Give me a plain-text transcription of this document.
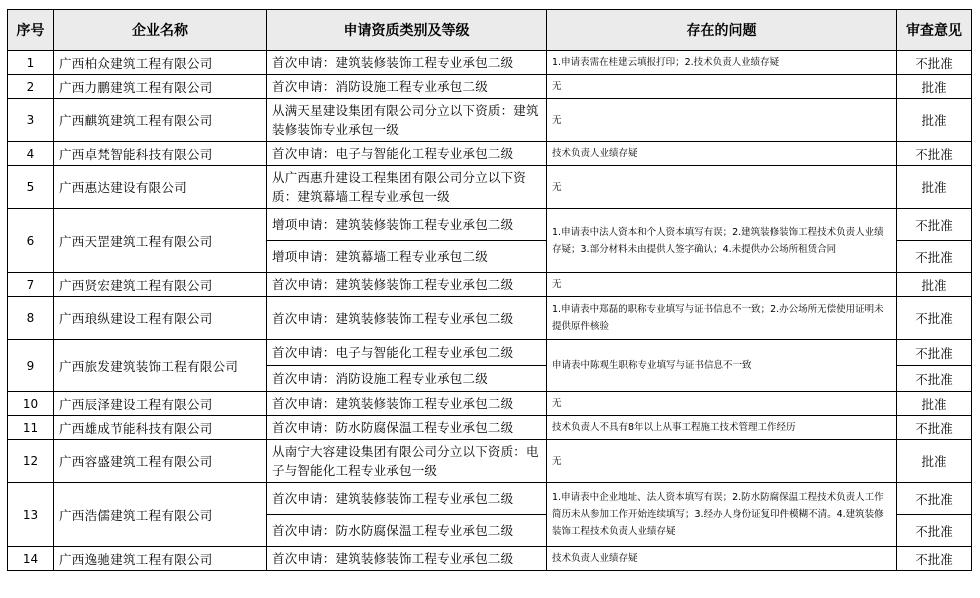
序号	企业名称	申请资质类别及等级	存在的问题	审查意见
1	广西柏众建筑工程有限公司	首次申请：建筑装修装饰工程专业承包二级	1.申请表需在桂建云填报打印；2.技术负责人业绩存疑	不批准
2	广西力鹏建筑工程有限公司	首次申请：消防设施工程专业承包二级	无	批准
3	广西麒筑建筑工程有限公司	从满天星建设集团有限公司分立以下资质：建筑装修装饰专业承包一级	无	批准
4	广西卓梵智能科技有限公司	首次申请：电子与智能化工程专业承包二级	技术负责人业绩存疑	不批准
5	广西惠达建设有限公司	从广西惠升建设工程集团有限公司分立以下资质：建筑幕墙工程专业承包一级	无	批准
6	广西天罡建筑工程有限公司	增项申请：建筑装修装饰工程专业承包二级	1.申请表中法人资本和个人资本填写有误；2.建筑装修装饰工程技术负责人业绩存疑；3.部分材料未由提供人签字确认；4.未提供办公场所租赁合同	不批准
		增项申请：建筑幕墙工程专业承包二级		不批准
7	广西贤宏建筑工程有限公司	首次申请：建筑装修装饰工程专业承包二级	无	批准
8	广西琅纵建设工程有限公司	首次申请：建筑装修装饰工程专业承包二级	1.申请表中郑磊的职称专业填写与证书信息不一致；2.办公场所无偿使用证明未提供原件核验	不批准
9	广西旅发建筑装饰工程有限公司	首次申请：电子与智能化工程专业承包二级	申请表中陈观生职称专业填写与证书信息不一致	不批准
		首次申请：消防设施工程专业承包二级		不批准
10	广西辰泽建设工程有限公司	首次申请：建筑装修装饰工程专业承包二级	无	批准
11	广西雄成节能科技有限公司	首次申请：防水防腐保温工程专业承包二级	技术负责人不具有8年以上从事工程施工技术管理工作经历	不批准
12	广西容盛建筑工程有限公司	从南宁大容建设集团有限公司分立以下资质：电子与智能化工程专业承包一级	无	批准
13	广西浩儒建筑工程有限公司	首次申请：建筑装修装饰工程专业承包二级	1.申请表中企业地址、法人资本填写有误；2.防水防腐保温工程技术负责人工作简历未从参加工作开始连续填写；3.经办人身份证复印件模糊不清。4.建筑装修装饰工程技术负责人业绩存疑	不批准
		首次申请：防水防腐保温工程专业承包二级		不批准
14	广西逸驰建筑工程有限公司	首次申请：建筑装修装饰工程专业承包二级	技术负责人业绩存疑	不批准
